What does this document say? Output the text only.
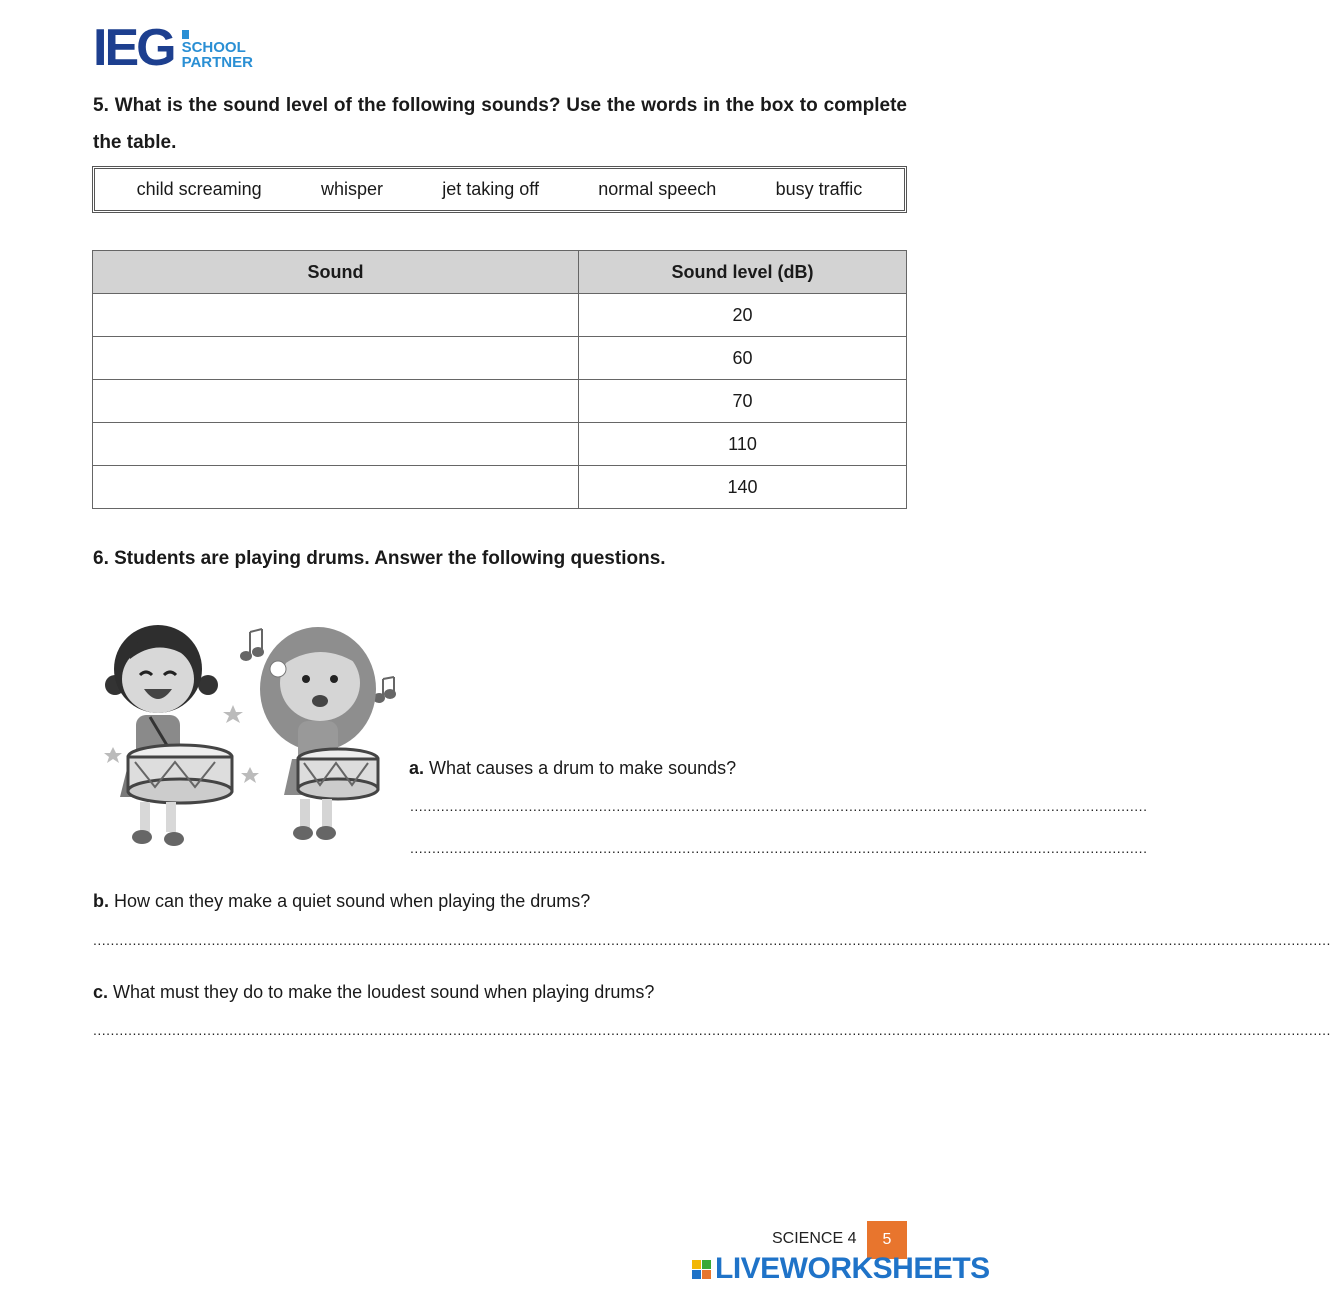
IEG SCHOOL
PARTNER
5. What is the sound level of the following sounds? Use the words in the box to complete the table.
child screaming	whisper	jet taking off	normal speech	busy traffic
Sound	Sound level (dB)
	20
	60
	70
	110
	140
6. Students are playing drums. Answer the following questions.
a. What causes a drum to make sounds?
........................................................................................................................................................................
........................................................................................................................................................................
b. How can they make a quiet sound when playing the drums?
..........................................................................................................................................................................................................................................................................................
c. What must they do to make the loudest sound when playing drums?
..........................................................................................................................................................................................................................................................................................
SCIENCE 4	5
LIVEWORKSHEETS
